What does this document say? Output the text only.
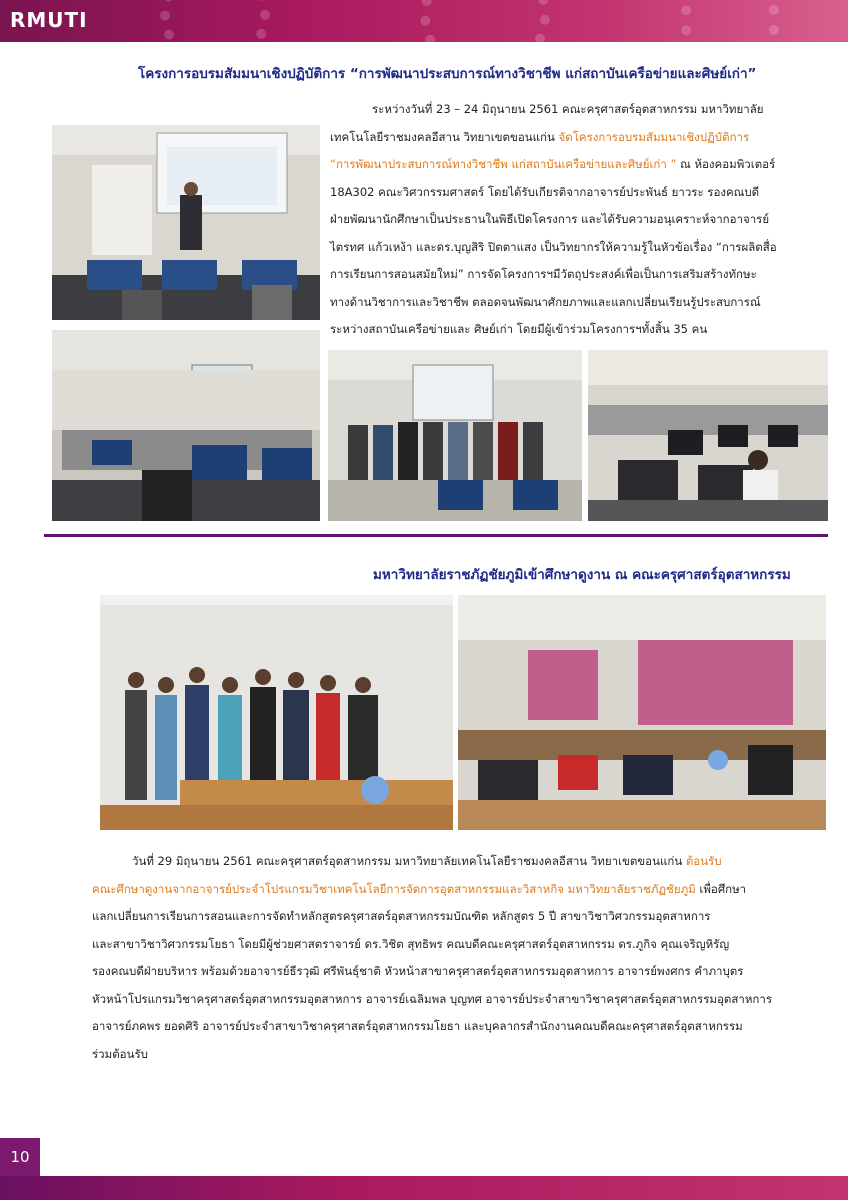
RMUTI
โครงการอบรมสัมมนาเชิงปฏิบัติการ “การพัฒนาประสบการณ์ทางวิชาชีพ แก่สถาบันเครือข่ายและศิษย์เก่า”
ระหว่างวันที่ 23 – 24 มิถุนายน 2561 คณะครุศาสตร์อุตสาหกรรม มหาวิทยาลัย
เทคโนโลยีราชมงคลอีสาน วิทยาเขตขอนแก่น จัดโครงการอบรมสัมมนาเชิงปฏิบัติการ
“การพัฒนาประสบการณ์ทางวิชาชีพ แก่สถาบันเครือข่ายและศิษย์เก่า ” ณ ห้องคอมพิวเตอร์
18A302 คณะวิศวกรรมศาสตร์ โดยได้รับเกียรติจากอาจารย์ประพันธ์ ยาวระ รองคณบดี
ฝ่ายพัฒนานักศึกษาเป็นประธานในพิธีเปิดโครงการ และได้รับความอนุเคราะห์จากอาจารย์
ไตรทศ แก้วเหง้า และดร.บุญสิริ ปิตตาแสง เป็นวิทยากรให้ความรู้ในหัวข้อเรื่อง “การผลิตสื่อ
การเรียนการสอนสมัยใหม่” การจัดโครงการฯมีวัตถุประสงค์เพื่อเป็นการเสริมสร้างทักษะ
ทางด้านวิชาการและวิชาชีพ ตลอดจนพัฒนาศักยภาพและแลกเปลี่ยนเรียนรู้ประสบการณ์
ระหว่างสถาบันเครือข่ายและ ศิษย์เก่า โดยมีผู้เข้าร่วมโครงการฯทั้งสิ้น 35 คน
มหาวิทยาลัยราชภัฏชัยภูมิเข้าศึกษาดูงาน ณ คณะครุศาสตร์อุตสาหกรรม
วันที่ 29 มิถุนายน 2561 คณะครุศาสตร์อุตสาหกรรม มหาวิทยาลัยเทคโนโลยีราชมงคลอีสาน วิทยาเขตขอนแก่น ต้อนรับ
คณะศึกษาดูงานจากอาจารย์ประจำโปรแกรมวิชาเทคโนโลยีการจัดการอุตสาหกรรมและวิสาหกิจ มหาวิทยาลัยราชภัฏชัยภูมิ เพื่อศึกษา
แลกเปลี่ยนการเรียนการสอนและการจัดทำหลักสูตรครุศาสตร์อุตสาหกรรมบัณฑิต หลักสูตร 5 ปี สาขาวิชาวิศวกรรมอุตสาหการ
และสาขาวิชาวิศวกรรมโยธา โดยมีผู้ช่วยศาสตราจารย์ ดร.วิชิต สุทธิพร คณบดีคณะครุศาสตร์อุตสาหกรรม ดร.ภูกิจ คุณเจริญหิรัญ
รองคณบดีฝ่ายบริหาร พร้อมด้วยอาจารย์ธีรวุฒิ ศรีพันธุ์ชาติ หัวหน้าสาขาครุศาสตร์อุตสาหกรรมอุตสาหการ อาจารย์พงศกร คำภาบุตร
หัวหน้าโปรแกรมวิชาครุศาสตร์อุตสาหกรรมอุตสาหการ อาจารย์เฉลิมพล บุญทศ อาจารย์ประจำสาขาวิชาครุศาสตร์อุตสาหกรรมอุตสาหการ
อาจารย์ภคพร ยอดศิริ อาจารย์ประจำสาขาวิชาครุศาสตร์อุตสาหกรรมโยธา และบุคลากรสำนักงานคณบดีคณะครุศาสตร์อุตสาหกรรม
ร่วมต้อนรับ
10
